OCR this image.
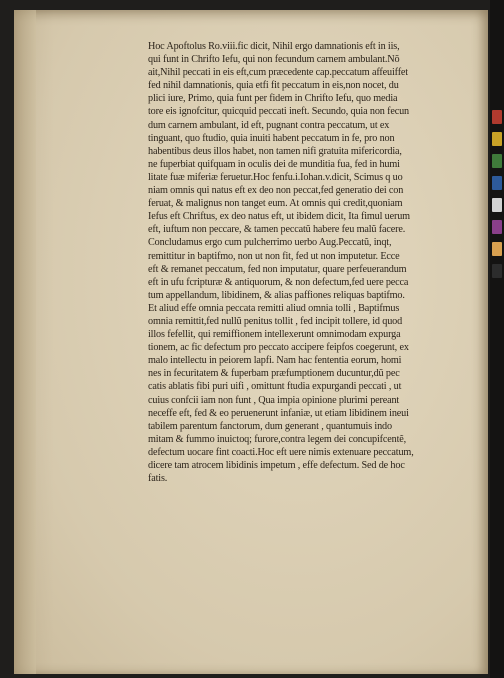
Hoc Apoftolus Ro.viii.fic dicit, Nihil ergo damnationis eft in iis,
qui funt in Chrifto Iefu, qui non fecundum carnem ambulant.Nõ
ait,Nihil peccati in eis eft,cum præcedente cap.peccatum affeuiffet
fed nihil damnationis, quia etfi fit peccatum in eis,non nocet, du
plici iure, Primo, quia funt per fidem in Chrifto Iefu, quo media
tore eis ignofcitur, quicquid peccati ineft. Secundo, quia non fecun
dum carnem ambulant, id eft, pugnant contra peccatum, ut ex
tinguant, quo ftudio, quia inuiti habent peccatum in fe, pro non
habentibus deus illos habet, non tamen nifi gratuita mifericordia,
ne fuperbiat quifquam in oculis dei de munditia fua, fed in humi
litate fuæ miferiæ feruetur.Hoc fenfu.i.Iohan.v.dicit, Scimus q uo
niam omnis qui natus eft ex deo non peccat,fed generatio dei con
feruat, & malignus non tanget eum. At omnis qui credit,quoniam
Iefus eft Chriftus, ex deo natus eft, ut ibidem dicit, Ita fimul uerum
eft, iuftum non peccare, & tamen peccatũ habere feu malũ facere.
Concludamus ergo cum pulcherrimo uerbo Aug.Peccatũ, inqt,
remittitur in baptifmo, non ut non fit, fed ut non imputetur. Ecce
eft & remanet peccatum, fed non imputatur, quare perfeuerandum
eft in ufu fcripturæ & antiquorum, & non defectum,fed uere pecca
tum appellandum, libidinem, & alias paffiones reliquas baptifmo.
Et aliud effe omnia peccata remitti aliud omnia tolli , Baptifmus
omnia remittit,fed nullũ penitus tollit , fed incipit tollere, id quod
illos fefellit, qui remiffionem intellexerunt omnimodam expurga
tionem, ac fic defectum pro peccato accipere feipfos coegerunt, ex
malo intellectu in peiorem lapfi. Nam hac fententia eorum, homi
nes in fecuritatem & fuperbam præfumptionem ducuntur,dũ pec
catis ablatis fibi puri uifi , omittunt ftudia expurgandi peccati , ut
cuius confcii iam non funt , Qua impia opinione plurimi pereant
neceffe eft, fed & eo peruenerunt infaniæ, ut etiam libidinem ineui
tabilem parentum fanctorum, dum generant , quantumuis indo
mitam & fummo inuictoq; furore,contra legem dei concupifcentẽ,
defectum uocare fint coacti.Hoc eft uere nimis extenuare peccatum,
dicere tam atrocem libidinis impetum , effe defectum. Sed de hoc
fatis.
